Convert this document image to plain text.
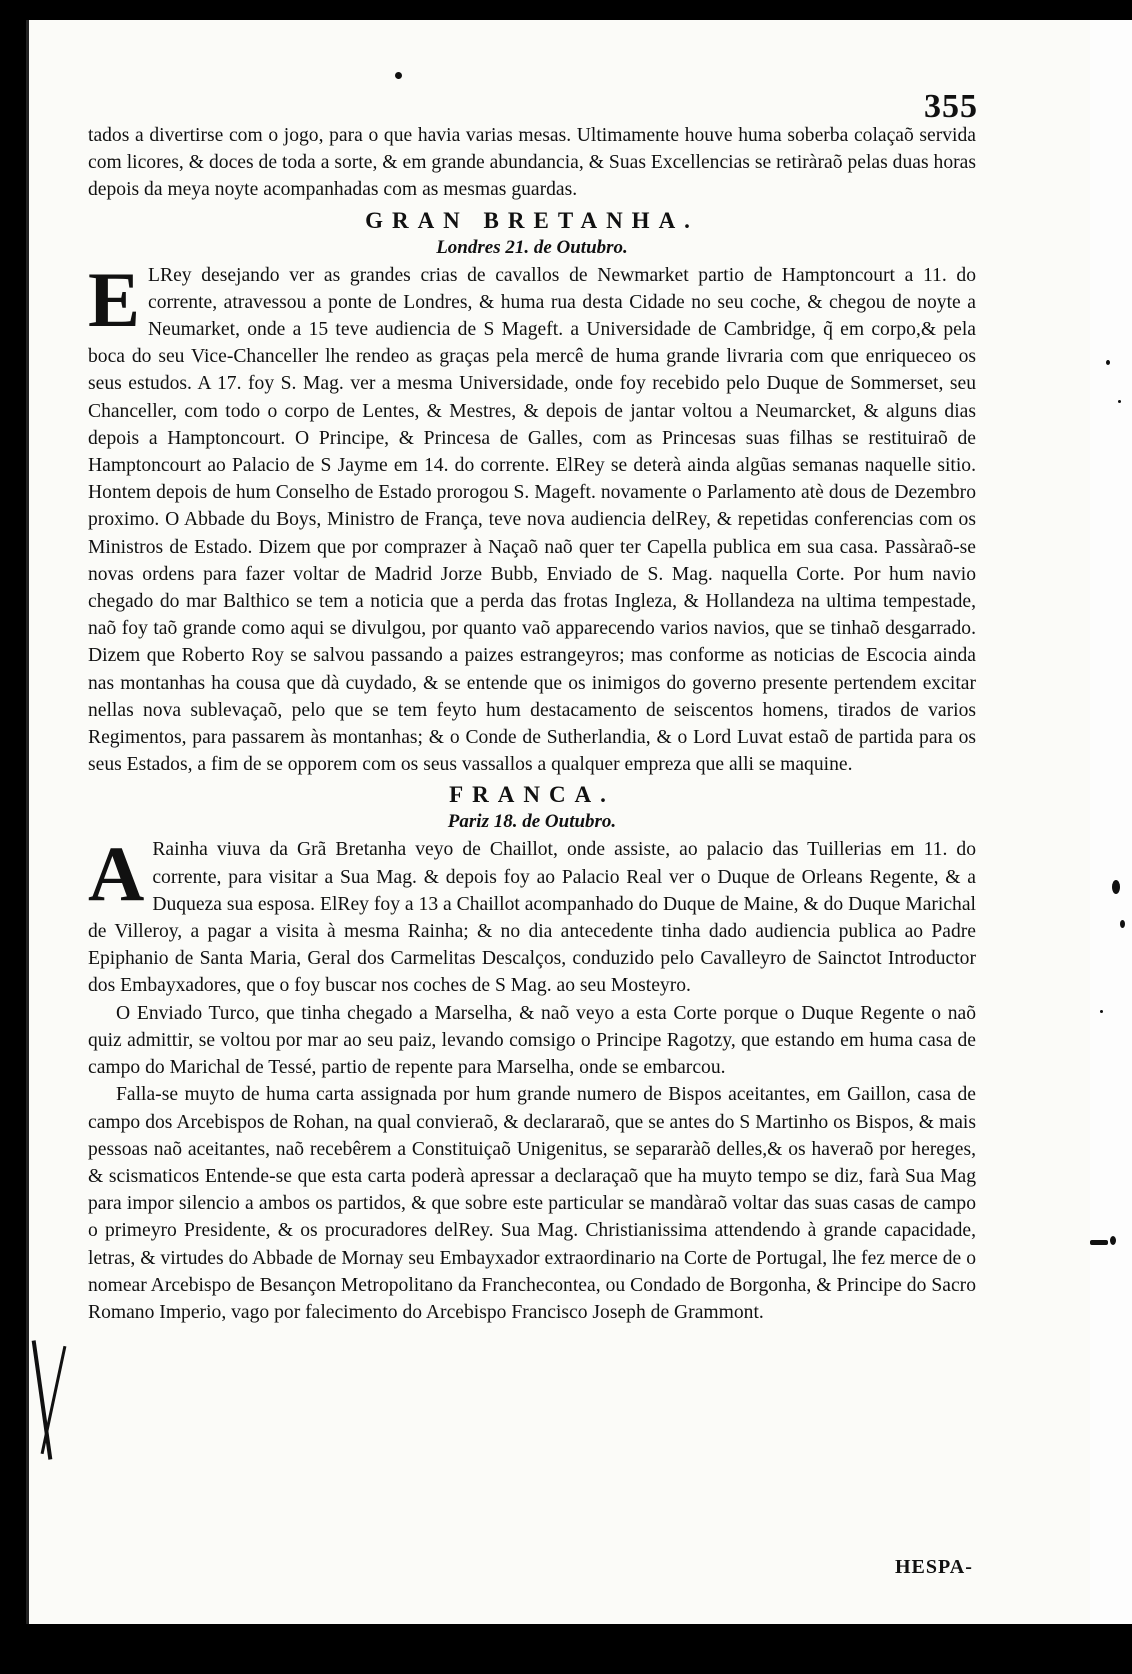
355

tados a divertirse com o jogo, para o que havia varias mesas. Ultimamente houve huma soberba colaçaõ servida com licores, & doces de toda a sorte, & em grande abundancia, & Suas Excellencias se retiràraõ pelas duas horas depois da meya noyte acompanhadas com as mesmas guardas.

GRAN BRETANHA.
Londres 21. de Outubro.

E LRey desejando ver as grandes crias de cavallos de Newmarket partio de Hamptoncourt a 11. do corrente, atravessou a ponte de Londres, & huma rua desta Cidade no seu coche, & chegou de noyte a Neumarket, onde a 15 teve audiencia de S Mageft. a Universidade de Cambridge, q̃ em corpo,& pela boca do seu Vice-Chanceller lhe rendeo as graças pela mercê de huma grande livraria com que enriqueceo os seus estudos. A 17. foy S. Mag. ver a mesma Universidade, onde foy recebido pelo Duque de Sommerset, seu Chanceller, com todo o corpo de Lentes, & Mestres, & depois de jantar voltou a Neumarcket, & alguns dias depois a Hamptoncourt. O Principe, & Princesa de Galles, com as Princesas suas filhas se restituiraõ de Hamptoncourt ao Palacio de S Jayme em 14. do corrente. ElRey se deterà ainda algũas semanas naquelle sitio. Hontem depois de hum Conselho de Estado prorogou S. Mageft. novamente o Parlamento atè dous de Dezembro proximo. O Abbade du Boys, Ministro de França, teve nova audiencia delRey, & repetidas conferencias com os Ministros de Estado. Dizem que por comprazer à Naçaõ naõ quer ter Capella publica em sua casa. Passàraõ-se novas ordens para fazer voltar de Madrid Jorze Bubb, Enviado de S. Mag. naquella Corte. Por hum navio chegado do mar Balthico se tem a noticia que a perda das frotas Ingleza, & Hollandeza na ultima tempestade, naõ foy taõ grande como aqui se divulgou, por quanto vaõ apparecendo varios navios, que se tinhaõ desgarrado. Dizem que Roberto Roy se salvou passando a paizes estrangeyros; mas conforme as noticias de Escocia ainda nas montanhas ha cousa que dà cuydado, & se entende que os inimigos do governo presente pertendem excitar nellas nova sublevaçaõ, pelo que se tem feyto hum destacamento de seiscentos homens, tirados de varios Regimentos, para passarem às montanhas; & o Conde de Sutherlandia, & o Lord Luvat estaõ de partida para os seus Estados, a fim de se opporem com os seus vassallos a qualquer empreza que alli se maquine.

FRANCA.
Pariz 18. de Outubro.

A Rainha viuva da Grã Bretanha veyo de Chaillot, onde assiste, ao palacio das Tuillerias em 11. do corrente, para visitar a Sua Mag. & depois foy ao Palacio Real ver o Duque de Orleans Regente, & a Duqueza sua esposa. ElRey foy a 13 a Chaillot acompanhado do Duque de Maine, & do Duque Marichal de Villeroy, a pagar a visita à mesma Rainha; & no dia antecedente tinha dado audiencia publica ao Padre Epiphanio de Santa Maria, Geral dos Carmelitas Descalços, conduzido pelo Cavalleyro de Sainctot Introductor dos Embayxadores, que o foy buscar nos coches de S Mag. ao seu Mosteyro.

O Enviado Turco, que tinha chegado a Marselha, & naõ veyo a esta Corte porque o Duque Regente o naõ quiz admittir, se voltou por mar ao seu paiz, levando comsigo o Principe Ragotzy, que estando em huma casa de campo do Marichal de Tessé, partio de repente para Marselha, onde se embarcou.

Falla-se muyto de huma carta assignada por hum grande numero de Bispos aceitantes, em Gaillon, casa de campo dos Arcebispos de Rohan, na qual convieraõ, & declararaõ, que se antes do S Martinho os Bispos, & mais pessoas naõ aceitantes, naõ recebêrem a Constituiçaõ Unigenitus, se separaràõ delles,& os haveraõ por hereges, & scismaticos Entende-se que esta carta poderà apressar a declaraçaõ que ha muyto tempo se diz, farà Sua Mag para impor silencio a ambos os partidos, & que sobre este particular se mandàraõ voltar das suas casas de campo o primeyro Presidente, & os procuradores delRey. Sua Mag. Christianissima attendendo à grande capacidade, letras, & virtudes do Abbade de Mornay seu Embayxador extraordinario na Corte de Portugal, lhe fez merce de o nomear Arcebispo de Besançon Metropolitano da Franchecontea, ou Condado de Borgonha, & Principe do Sacro Romano Imperio, vago por falecimento do Arcebispo Francisco Joseph de Grammont.

HESPA-
